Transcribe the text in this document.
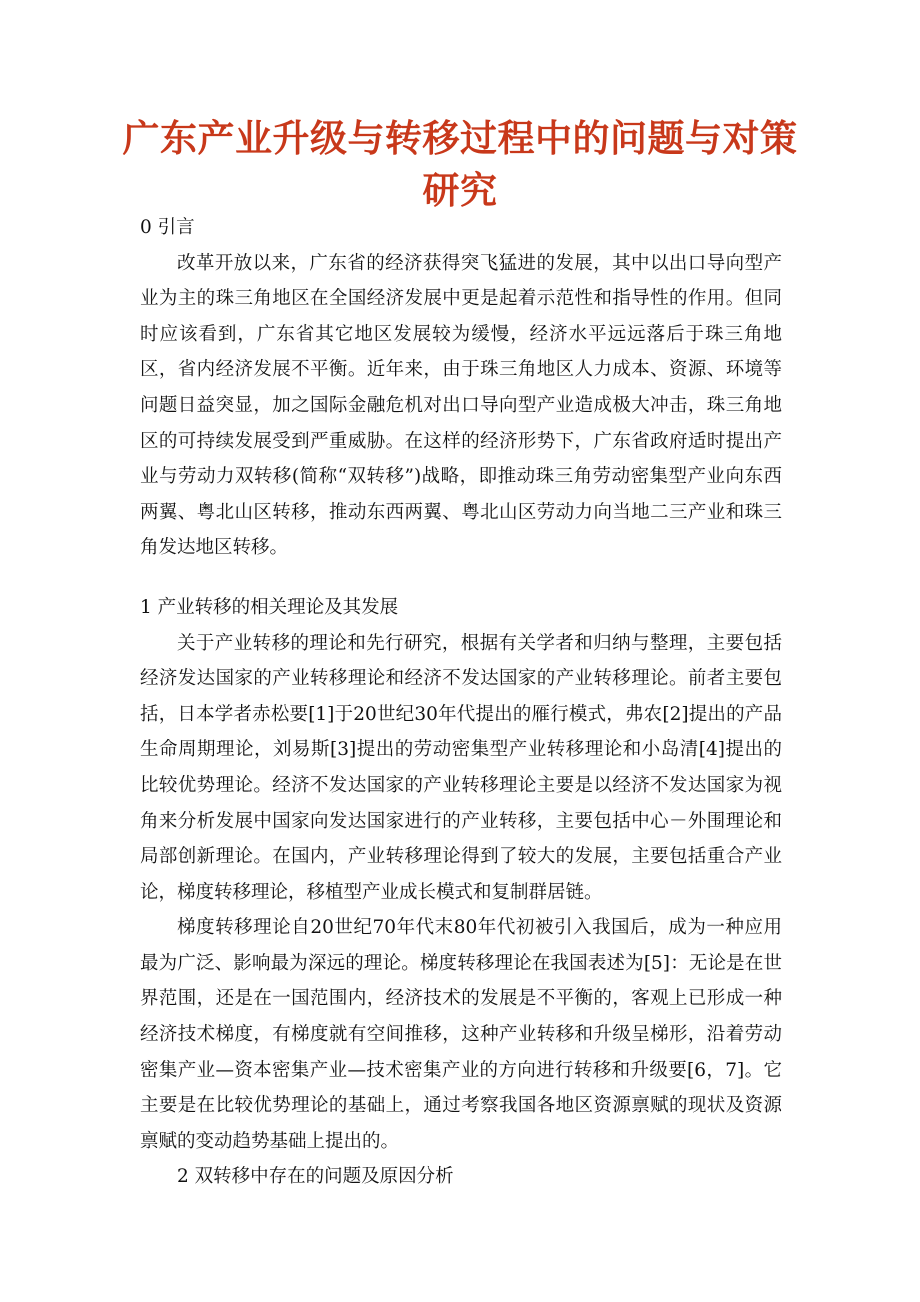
广东产业升级与转移过程中的问题与对策研究

0 引言

改革开放以来，广东省的经济获得突飞猛进的发展，其中以出口导向型产业为主的珠三角地区在全国经济发展中更是起着示范性和指导性的作用。但同时应该看到，广东省其它地区发展较为缓慢，经济水平远远落后于珠三角地区，省内经济发展不平衡。近年来，由于珠三角地区人力成本、资源、环境等问题日益突显，加之国际金融危机对出口导向型产业造成极大冲击，珠三角地区的可持续发展受到严重威胁。在这样的经济形势下，广东省政府适时提出产业与劳动力双转移(简称“双转移”)战略，即推动珠三角劳动密集型产业向东西两翼、粤北山区转移，推动东西两翼、粤北山区劳动力向当地二三产业和珠三角发达地区转移。

1 产业转移的相关理论及其发展

关于产业转移的理论和先行研究，根据有关学者和归纳与整理，主要包括经济发达国家的产业转移理论和经济不发达国家的产业转移理论。前者主要包括，日本学者赤松要[1]于20世纪30年代提出的雁行模式，弗农[2]提出的产品生命周期理论，刘易斯[3]提出的劳动密集型产业转移理论和小岛清[4]提出的比较优势理论。经济不发达国家的产业转移理论主要是以经济不发达国家为视角来分析发展中国家向发达国家进行的产业转移，主要包括中心－外围理论和局部创新理论。在国内，产业转移理论得到了较大的发展，主要包括重合产业论，梯度转移理论，移植型产业成长模式和复制群居链。

梯度转移理论自20世纪70年代末80年代初被引入我国后，成为一种应用最为广泛、影响最为深远的理论。梯度转移理论在我国表述为[5]：无论是在世界范围，还是在一国范围内，经济技术的发展是不平衡的，客观上已形成一种经济技术梯度，有梯度就有空间推移，这种产业转移和升级呈梯形，沿着劳动密集产业—资本密集产业—技术密集产业的方向进行转移和升级要[6，7]。它主要是在比较优势理论的基础上，通过考察我国各地区资源禀赋的现状及资源禀赋的变动趋势基础上提出的。

2 双转移中存在的问题及原因分析
